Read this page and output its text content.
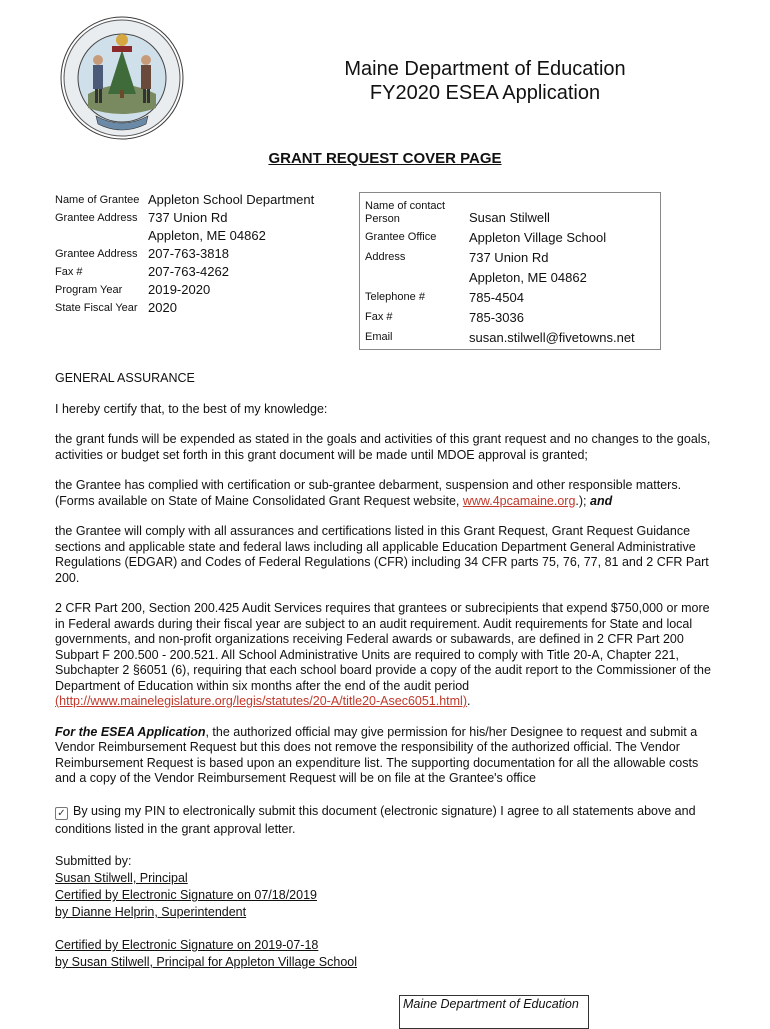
Maine Department of Education
FY2020 ESEA Application
GRANT REQUEST COVER PAGE
Name of Grantee Appleton School Department
Grantee Address 737 Union Rd
Appleton, ME 04862
Grantee Address 207-763-3818
Fax #	207-763-4262
Program Year 2019-2020
State Fiscal Year 2020
Name of contact
Person	Susan Stilwell
Grantee Office	Appleton Village School
Address	737 Union Rd
Appleton, ME 04862
Telephone #	785-4504
Fax #	785-3036
Email	susan.stilwell@fivetowns.net

GENERAL ASSURANCE

I hereby certify that, to the best of my knowledge:

the grant funds will be expended as stated in the goals and activities of this grant request and no changes to the goals, activities or budget set forth in this grant document will be made until MDOE approval is granted;

the Grantee has complied with certification or sub-grantee debarment, suspension and other responsible matters. (Forms available on State of Maine Consolidated Grant Request website, www.4pcamaine.org.); and

the Grantee will comply with all assurances and certifications listed in this Grant Request, Grant Request Guidance sections and applicable state and federal laws including all applicable Education Department General Administrative Regulations (EDGAR) and Codes of Federal Regulations (CFR) including 34 CFR parts 75, 76, 77, 81 and 2 CFR Part 200.

2 CFR Part 200, Section 200.425 Audit Services requires that grantees or subrecipients that expend $750,000 or more in Federal awards during their fiscal year are subject to an audit requirement. Audit requirements for State and local governments, and non-profit organizations receiving Federal awards or subawards, are defined in 2 CFR Part 200 Subpart F 200.500 - 200.521. All School Administrative Units are required to comply with Title 20-A, Chapter 221, Subchapter 2 §6051 (6), requiring that each school board provide a copy of the audit report to the Commissioner of the Department of Education within six months after the end of the audit period
(http://www.mainelegislature.org/legis/statutes/20-A/title20-Asec6051.html).

For the ESEA Application, the authorized official may give permission for his/her Designee to request and submit a Vendor Reimbursement Request but this does not remove the responsibility of the authorized official. The Vendor Reimbursement Request is based upon an expenditure list. The supporting documentation for all the allowable costs and a copy of the Vendor Reimbursement Request will be on file at the Grantee's office

✓ By using my PIN to electronically submit this document (electronic signature) I agree to all statements above and conditions listed in the grant approval letter.

Submitted by:
Susan Stilwell, Principal
Certified by Electronic Signature on 07/18/2019
by Dianne Helprin, Superintendent
Certified by Electronic Signature on 2019-07-18
by Susan Stilwell, Principal for Appleton Village School
Maine Department of Education
